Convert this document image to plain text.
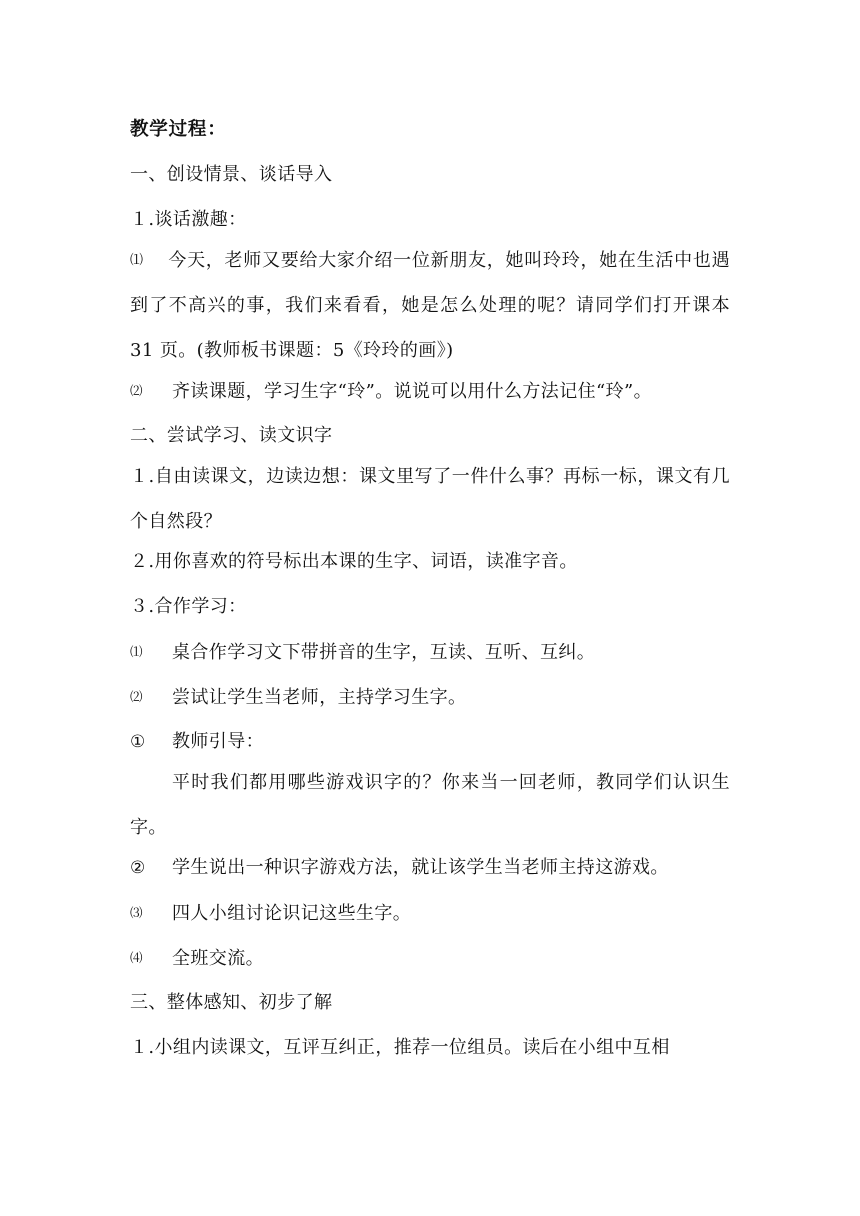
教学过程：
一、创设情景、谈话导入
１.谈话激趣：
⑴ 今天，老师又要给大家介绍一位新朋友，她叫玲玲，她在生活中也遇到了不高兴的事，我们来看看，她是怎么处理的呢？请同学们打开课本 31 页。(教师板书课题：5《玲玲的画》)
⑵ 齐读课题，学习生字“玲”。说说可以用什么方法记住“玲”。
二、尝试学习、读文识字
１.自由读课文，边读边想：课文里写了一件什么事？再标一标，课文有几个自然段？
２.用你喜欢的符号标出本课的生字、词语，读准字音。
３.合作学习：
⑴ 桌合作学习文下带拼音的生字，互读、互听、互纠。
⑵ 尝试让学生当老师，主持学习生字。
① 教师引导：
平时我们都用哪些游戏识字的？你来当一回老师，教同学们认识生字。
② 学生说出一种识字游戏方法，就让该学生当老师主持这游戏。
⑶ 四人小组讨论识记这些生字。
⑷ 全班交流。
三、整体感知、初步了解
１.小组内读课文，互评互纠正，推荐一位组员。读后在小组中互相
